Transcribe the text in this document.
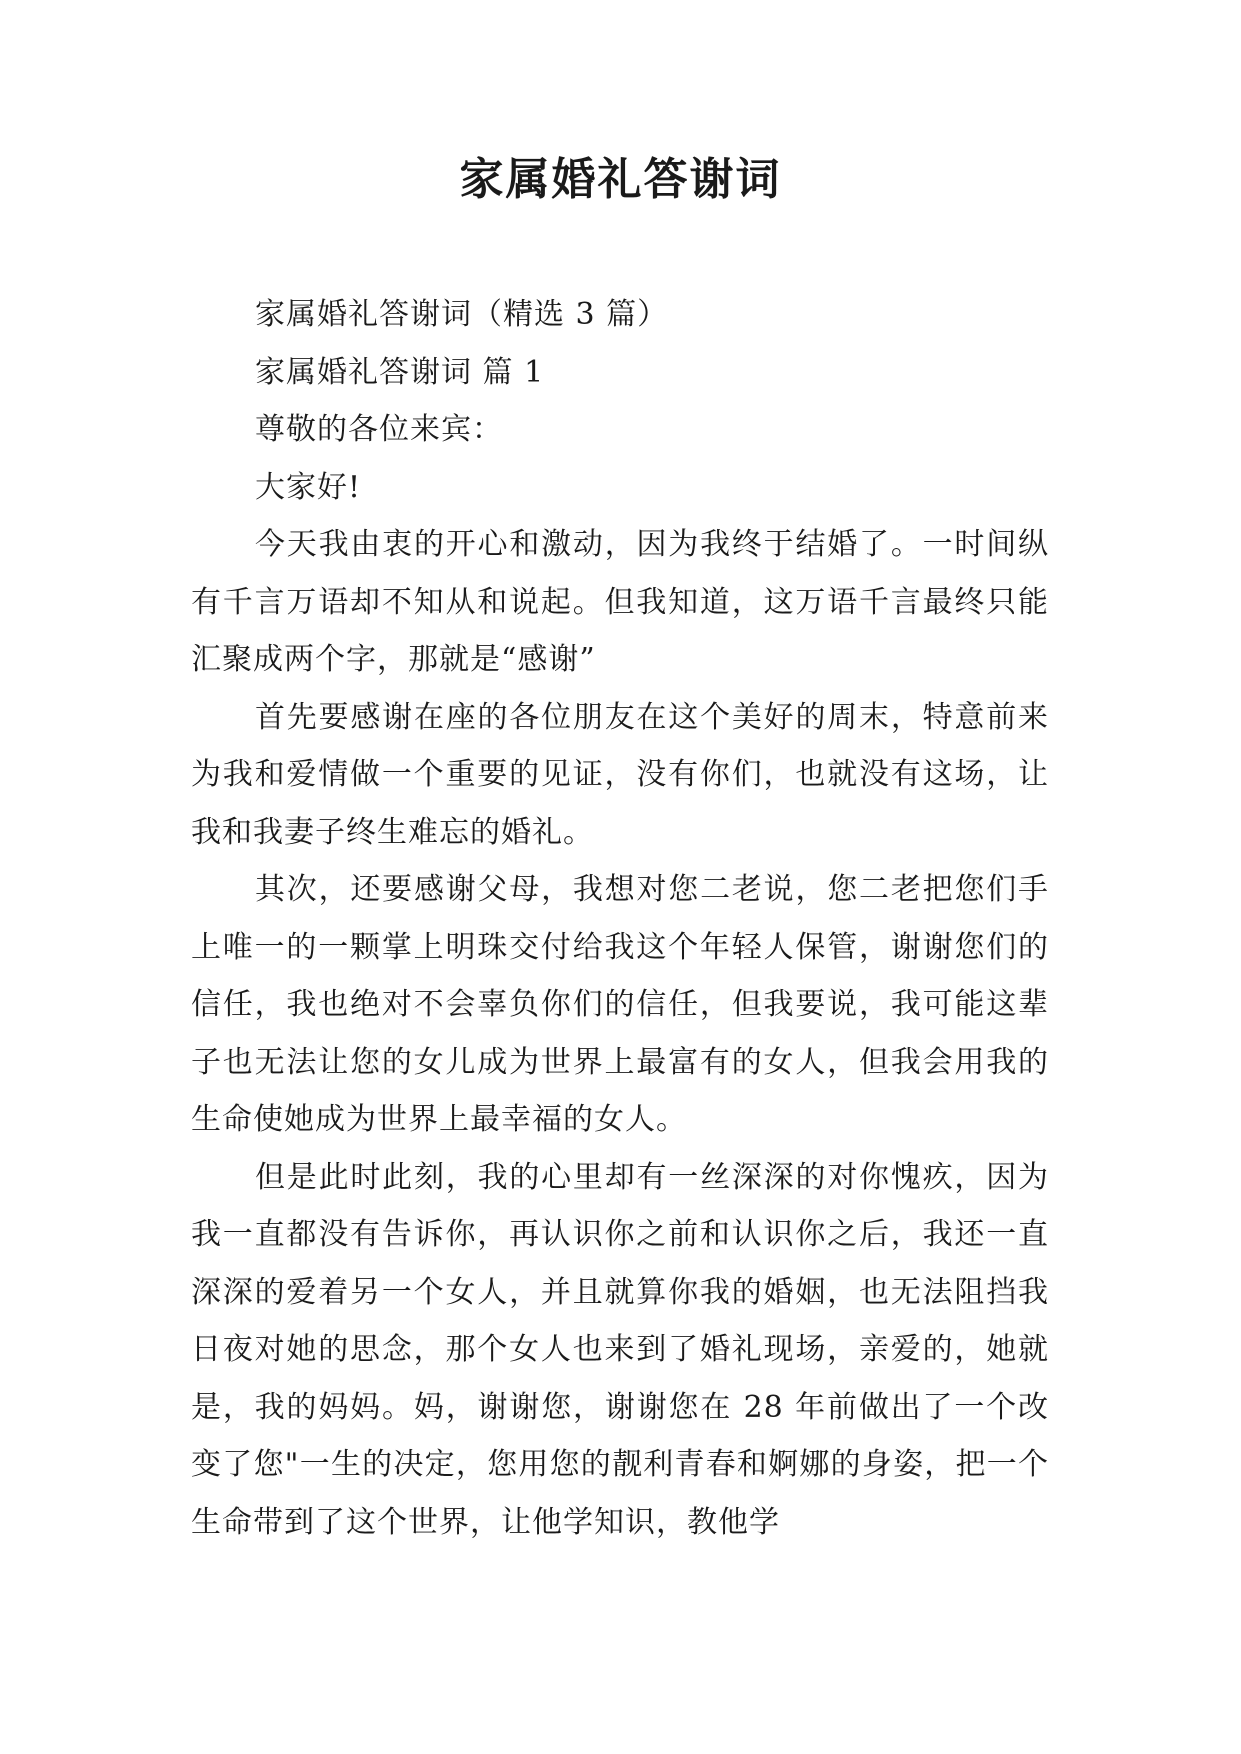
家属婚礼答谢词

家属婚礼答谢词（精选 3 篇）

家属婚礼答谢词 篇 1

尊敬的各位来宾：

大家好!

今天我由衷的开心和激动，因为我终于结婚了。一时间纵有千言万语却不知从和说起。但我知道，这万语千言最终只能汇聚成两个字，那就是“感谢”

首先要感谢在座的各位朋友在这个美好的周末，特意前来为我和爱情做一个重要的见证，没有你们，也就没有这场，让我和我妻子终生难忘的婚礼。

其次，还要感谢父母，我想对您二老说，您二老把您们手上唯一的一颗掌上明珠交付给我这个年轻人保管，谢谢您们的信任，我也绝对不会辜负你们的信任，但我要说，我可能这辈子也无法让您的女儿成为世界上最富有的女人，但我会用我的生命使她成为世界上最幸福的女人。

但是此时此刻，我的心里却有一丝深深的对你愧疚，因为我一直都没有告诉你，再认识你之前和认识你之后，我还一直深深的爱着另一个女人，并且就算你我的婚姻，也无法阻挡我日夜对她的思念，那个女人也来到了婚礼现场，亲爱的，她就是，我的妈妈。妈，谢谢您，谢谢您在 28 年前做出了一个改变了您"一生的决定，您用您的靓利青春和婀娜的身姿，把一个生命带到了这个世界，让他学知识，教他学
